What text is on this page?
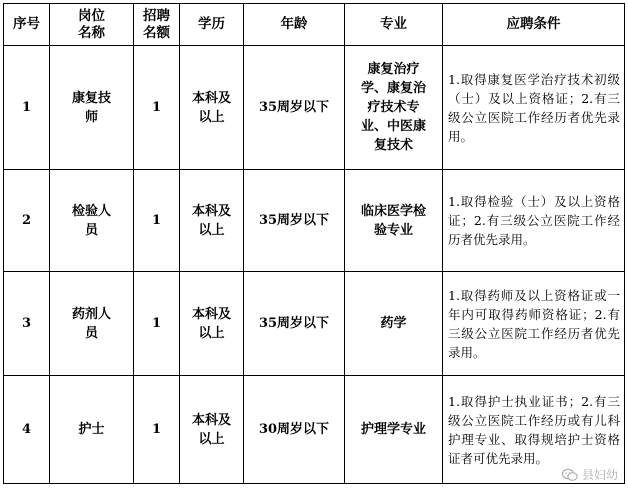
序号	岗位名称	招聘名额	学历	年龄	专业	应聘条件
1	康复技师	1	本科及以上	35周岁以下	康复治疗学、康复治疗技术专业、中医康复技术	1.取得康复医学治疗技术初级（士）及以上资格证；2.有三级公立医院工作经历者优先录用。
2	检验人员	1	本科及以上	35周岁以下	临床医学检验专业	1.取得检验（士）及以上资格证；2.有三级公立医院工作经历者优先录用。
3	药剂人员	1	本科及以上	35周岁以下	药学	1.取得药师及以上资格证或一年内可取得药师资格证；2.有三级公立医院工作经历者优先录用。
4	护士	1	本科及以上	30周岁以下	护理学专业	1.取得护士执业证书；2.有三级公立医院工作经历或有儿科护理专业、取得规培护士资格证者可优先录用。
县妇幼
